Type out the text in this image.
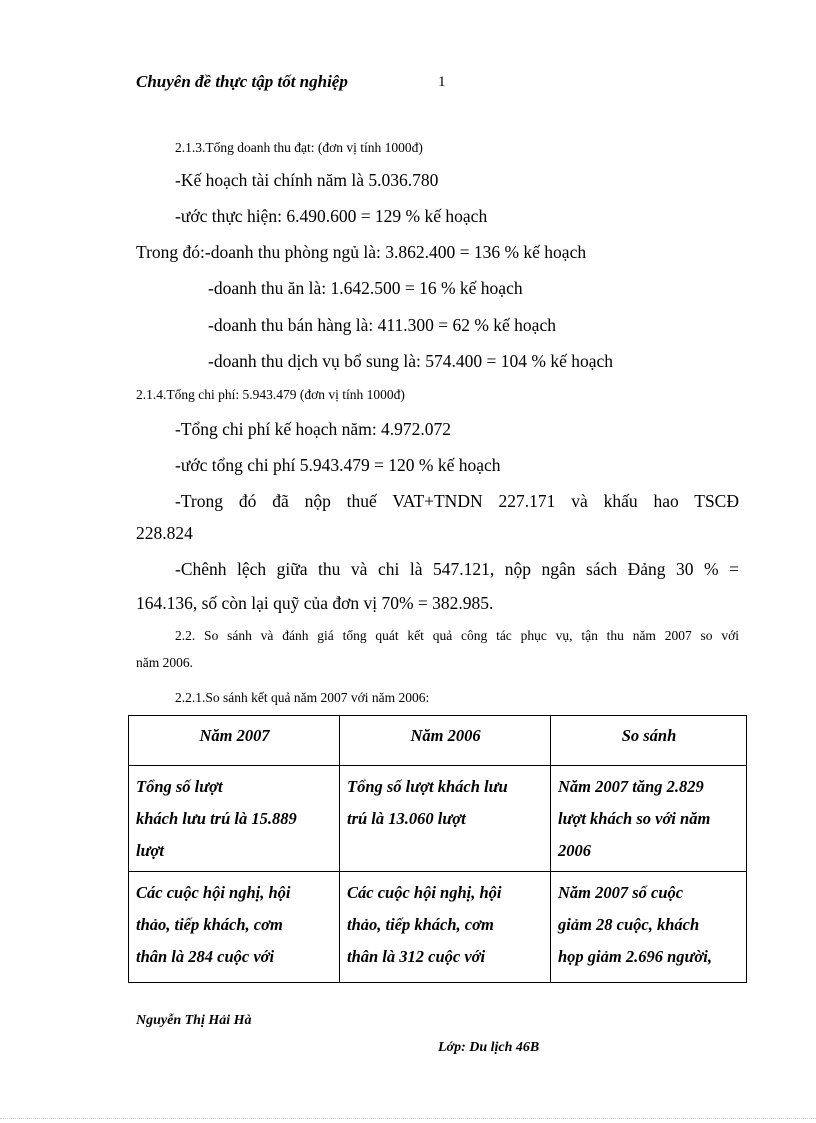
Chuyên đề thực tập tốt nghiệp	1
2.1.3.Tổng doanh thu đạt: (đơn vị tính 1000đ)
-Kế hoạch tài chính năm là 5.036.780
-ước thực hiện: 6.490.600 = 129 % kế hoạch
Trong đó:-doanh thu phòng ngủ là: 3.862.400 = 136 % kế hoạch
-doanh thu ăn là: 1.642.500 = 16 % kế hoạch
-doanh thu bán hàng là: 411.300 = 62 % kế hoạch
-doanh thu dịch vụ bổ sung là: 574.400 = 104 % kế hoạch
2.1.4.Tổng chi phí: 5.943.479 (đơn vị tính 1000đ)
-Tổng chi phí kế hoạch năm: 4.972.072
-ước tổng chi phí 5.943.479 = 120 % kế hoạch
-Trong đó đã nộp thuế VAT+TNDN 227.171 và khấu hao TSCĐ
228.824
-Chênh lệch giữa thu và chi là 547.121, nộp ngân sách Đảng 30 % =
164.136, số còn lại quỹ của đơn vị 70% = 382.985.
2.2. So sánh và đánh giá tổng quát kết quả công tác phục vụ, tận thu năm 2007 so với
năm 2006.
2.2.1.So sánh kết quả năm 2007 với năm 2006:
Năm 2007	Năm 2006	So sánh
Tổng số lượt
khách lưu trú là 15.889
lượt	Tổng số lượt khách lưu
trú là 13.060 lượt	Năm 2007 tăng 2.829
lượt khách so với năm
2006
Các cuộc hội nghị, hội
thảo, tiếp khách, cơm
thân là 284 cuộc với	Các cuộc hội nghị, hội
thảo, tiếp khách, cơm
thân là 312 cuộc với	Năm 2007 số cuộc
giảm 28 cuộc, khách
họp giảm 2.696 người,
Nguyễn Thị Hải Hà
Lớp: Du lịch 46B
